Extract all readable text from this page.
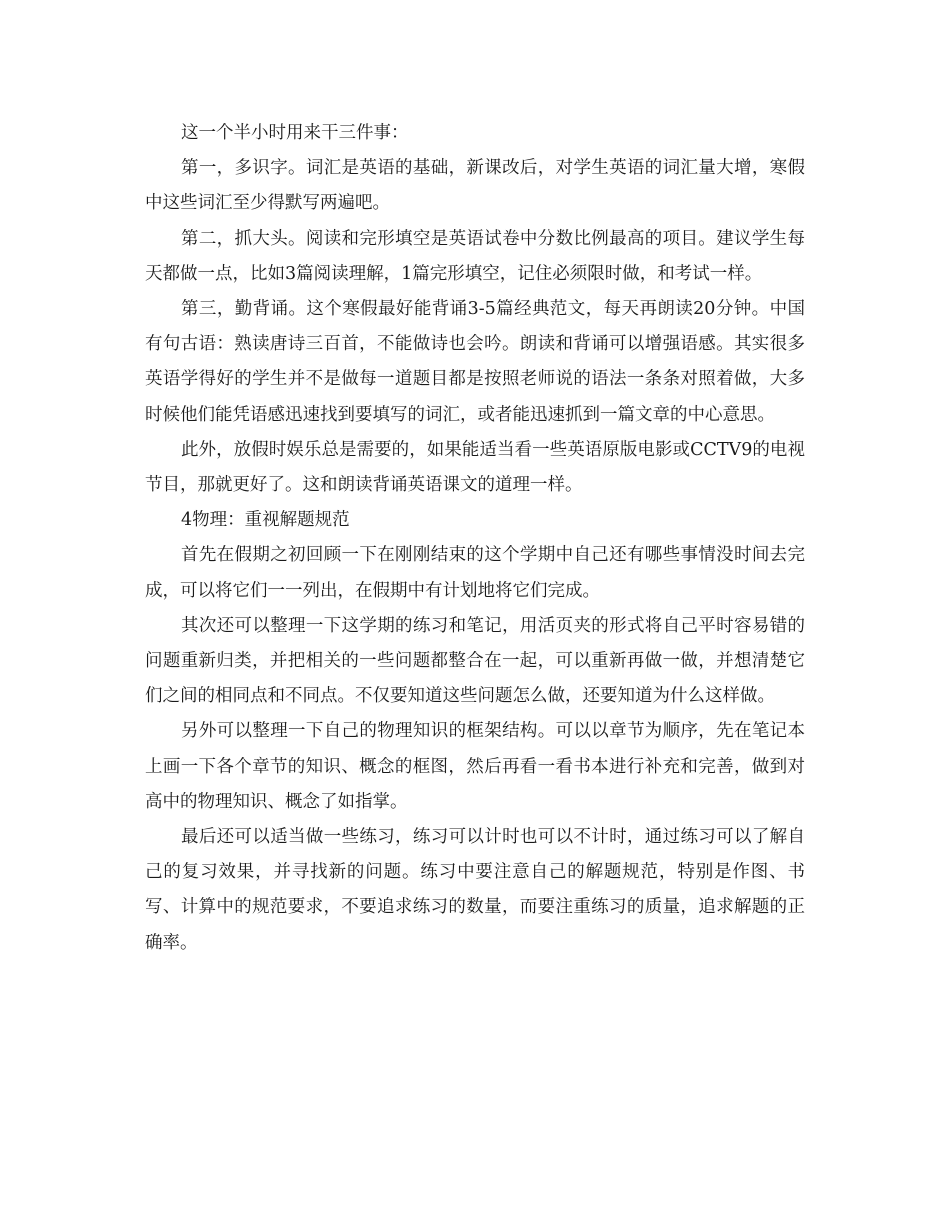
这一个半小时用来干三件事：

第一，多识字。词汇是英语的基础，新课改后，对学生英语的词汇量大增，寒假中这些词汇至少得默写两遍吧。

第二，抓大头。阅读和完形填空是英语试卷中分数比例最高的项目。建议学生每天都做一点，比如3篇阅读理解，1篇完形填空，记住必须限时做，和考试一样。

第三，勤背诵。这个寒假最好能背诵3-5篇经典范文，每天再朗读20分钟。中国有句古语：熟读唐诗三百首，不能做诗也会吟。朗读和背诵可以增强语感。其实很多英语学得好的学生并不是做每一道题目都是按照老师说的语法一条条对照着做，大多时候他们能凭语感迅速找到要填写的词汇，或者能迅速抓到一篇文章的中心意思。

此外，放假时娱乐总是需要的，如果能适当看一些英语原版电影或CCTV9的电视节目，那就更好了。这和朗读背诵英语课文的道理一样。

4物理：重视解题规范

首先在假期之初回顾一下在刚刚结束的这个学期中自己还有哪些事情没时间去完成，可以将它们一一列出，在假期中有计划地将它们完成。

其次还可以整理一下这学期的练习和笔记，用活页夹的形式将自己平时容易错的问题重新归类，并把相关的一些问题都整合在一起，可以重新再做一做，并想清楚它们之间的相同点和不同点。不仅要知道这些问题怎么做，还要知道为什么这样做。

另外可以整理一下自己的物理知识的框架结构。可以以章节为顺序，先在笔记本上画一下各个章节的知识、概念的框图，然后再看一看书本进行补充和完善，做到对高中的物理知识、概念了如指掌。

最后还可以适当做一些练习，练习可以计时也可以不计时，通过练习可以了解自己的复习效果，并寻找新的问题。练习中要注意自己的解题规范，特别是作图、书写、计算中的规范要求，不要追求练习的数量，而要注重练习的质量，追求解题的正确率。
